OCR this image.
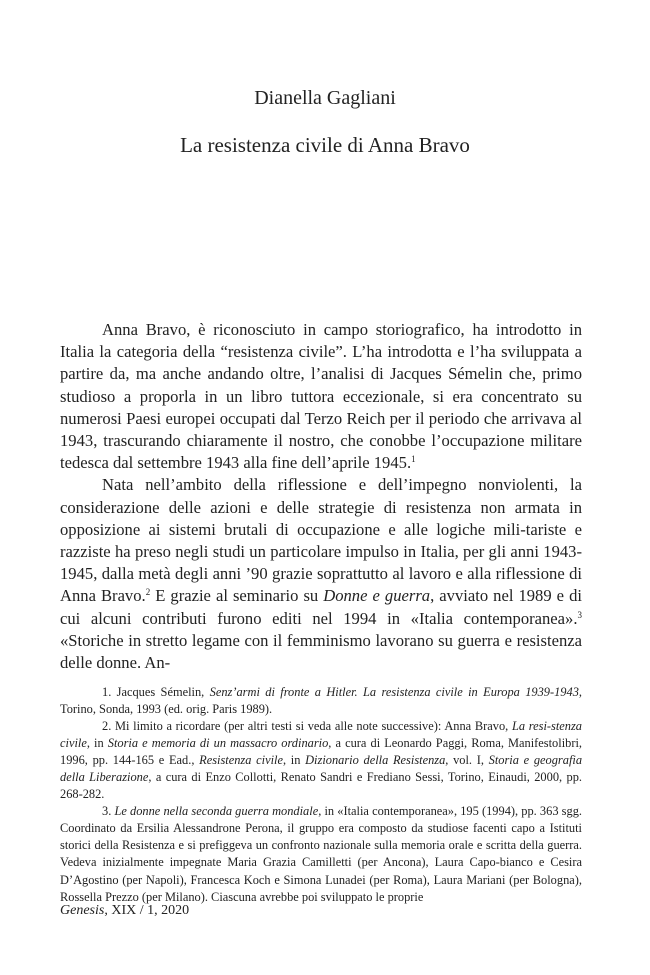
Dianella Gagliani
La resistenza civile di Anna Bravo

Anna Bravo, è riconosciuto in campo storiografico, ha introdotto in Italia la categoria della “resistenza civile”. L’ha introdotta e l’ha sviluppata a partire da, ma anche andando oltre, l’analisi di Jacques Sémelin che, primo studioso a proporla in un libro tuttora eccezionale, si era concentrato su numerosi Paesi europei occupati dal Terzo Reich per il periodo che arrivava al 1943, trascurando chiaramente il nostro, che conobbe l’occupazione militare tedesca dal settembre 1943 alla fine dell’aprile 1945.$^1$

Nata nell’ambito della riflessione e dell’impegno nonviolenti, la considerazione delle azioni e delle strategie di resistenza non armata in opposizione ai sistemi brutali di occupazione e alle logiche mili-tariste e razziste ha preso negli studi un particolare impulso in Italia, per gli anni 1943-1945, dalla metà degli anni ’90 grazie soprattutto al lavoro e alla riflessione di Anna Bravo.$^2$ E grazie al seminario su Donne e guerra, avviato nel 1989 e di cui alcuni contributi furono editi nel 1994 in «Italia contemporanea».$^3$ «Storiche in stretto legame con il femminismo lavorano su guerra e resistenza delle donne. An-

1. Jacques Sémelin, Senz’armi di fronte a Hitler. La resistenza civile in Europa 1939-1943, Torino, Sonda, 1993 (ed. orig. Paris 1989).

2. Mi limito a ricordare (per altri testi si veda alle note successive): Anna Bravo, La resi-stenza civile, in Storia e memoria di un massacro ordinario, a cura di Leonardo Paggi, Roma, Manifestolibri, 1996, pp. 144-165 e Ead., Resistenza civile, in Dizionario della Resistenza, vol. I, Storia e geografia della Liberazione, a cura di Enzo Collotti, Renato Sandri e Frediano Sessi, Torino, Einaudi, 2000, pp. 268-282.

3. Le donne nella seconda guerra mondiale, in «Italia contemporanea», 195 (1994), pp. 363 sgg. Coordinato da Ersilia Alessandrone Perona, il gruppo era composto da studiose facenti capo a Istituti storici della Resistenza e si prefiggeva un confronto nazionale sulla memoria orale e scritta della guerra. Vedeva inizialmente impegnate Maria Grazia Camilletti (per Ancona), Laura Capo-bianco e Cesira D’Agostino (per Napoli), Francesca Koch e Simona Lunadei (per Roma), Laura Mariani (per Bologna), Rossella Prezzo (per Milano). Ciascuna avrebbe poi sviluppato le proprie

Genesis, XIX / 1, 2020
